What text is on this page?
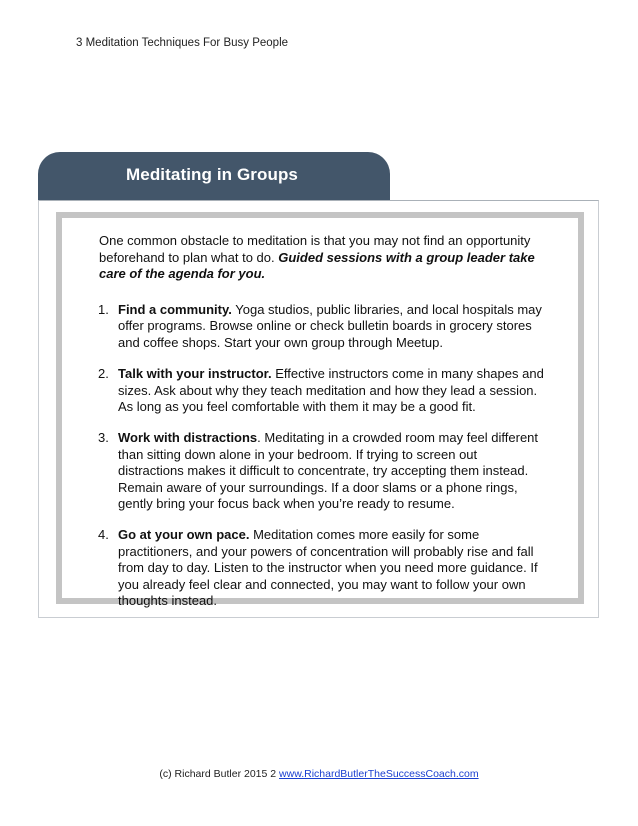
3 Meditation Techniques For Busy People
Meditating in Groups

One common obstacle to meditation is that you may not find an opportunity beforehand to plan what to do. Guided sessions with a group leader take care of the agenda for you.

1. Find a community. Yoga studios, public libraries, and local hospitals may offer programs. Browse online or check bulletin boards in grocery stores and coffee shops. Start your own group through Meetup.
2. Talk with your instructor. Effective instructors come in many shapes and sizes. Ask about why they teach meditation and how they lead a session. As long as you feel comfortable with them it may be a good fit.
3. Work with distractions. Meditating in a crowded room may feel different than sitting down alone in your bedroom. If trying to screen out distractions makes it difficult to concentrate, try accepting them instead. Remain aware of your surroundings. If a door slams or a phone rings, gently bring your focus back when you’re ready to resume.
4. Go at your own pace. Meditation comes more easily for some practitioners, and your powers of concentration will probably rise and fall from day to day. Listen to the instructor when you need more guidance. If you already feel clear and connected, you may want to follow your own thoughts instead.
(c) Richard Butler 2015 2 www.RichardButlerTheSuccessCoach.com
